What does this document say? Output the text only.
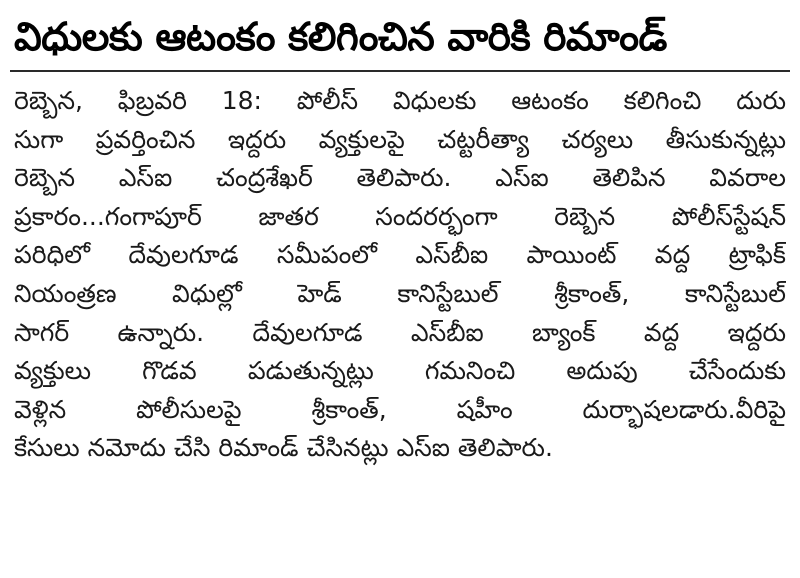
విధులకు ఆటంకం కలిగించిన వారికి రిమాండ్
రెబ్బెన, ఫిబ్రవరి 18: పోలీస్ విధులకు ఆటంకం కలిగించి దురు
సుగా ప్రవర్తించిన ఇద్దరు వ్యక్తులపై చట్టరీత్యా చర్యలు తీసుకున్నట్లు
రెబ్బెన ఎస్ఐ చంద్రశేఖర్ తెలిపారు. ఎస్ఐ తెలిపిన వివరాల
ప్రకారం...గంగాపూర్ జాతర సందరర్భంగా రెబ్బెన పోలీస్‌స్టేషన్
పరిధిలో దేవులగూడ సమీపంలో ఎస్‌బీఐ పాయింట్ వద్ద ట్రాఫిక్
నియంత్రణ విధుల్లో హెడ్ కానిస్టేబుల్ శ్రీకాంత్, కానిస్టేబుల్
సాగర్ ఉన్నారు. దేవులగూడ ఎస్‌బీఐ బ్యాంక్ వద్ద ఇద్దరు
వ్యక్తులు గొడవ పడుతున్నట్లు గమనించి అదుపు చేసేందుకు
వెళ్లిన పోలీసులపై శ్రీకాంత్, షహీం దుర్భాషలడారు.వీరిపై
కేసులు నమోదు చేసి రిమాండ్ చేసినట్లు ఎస్ఐ తెలిపారు.
